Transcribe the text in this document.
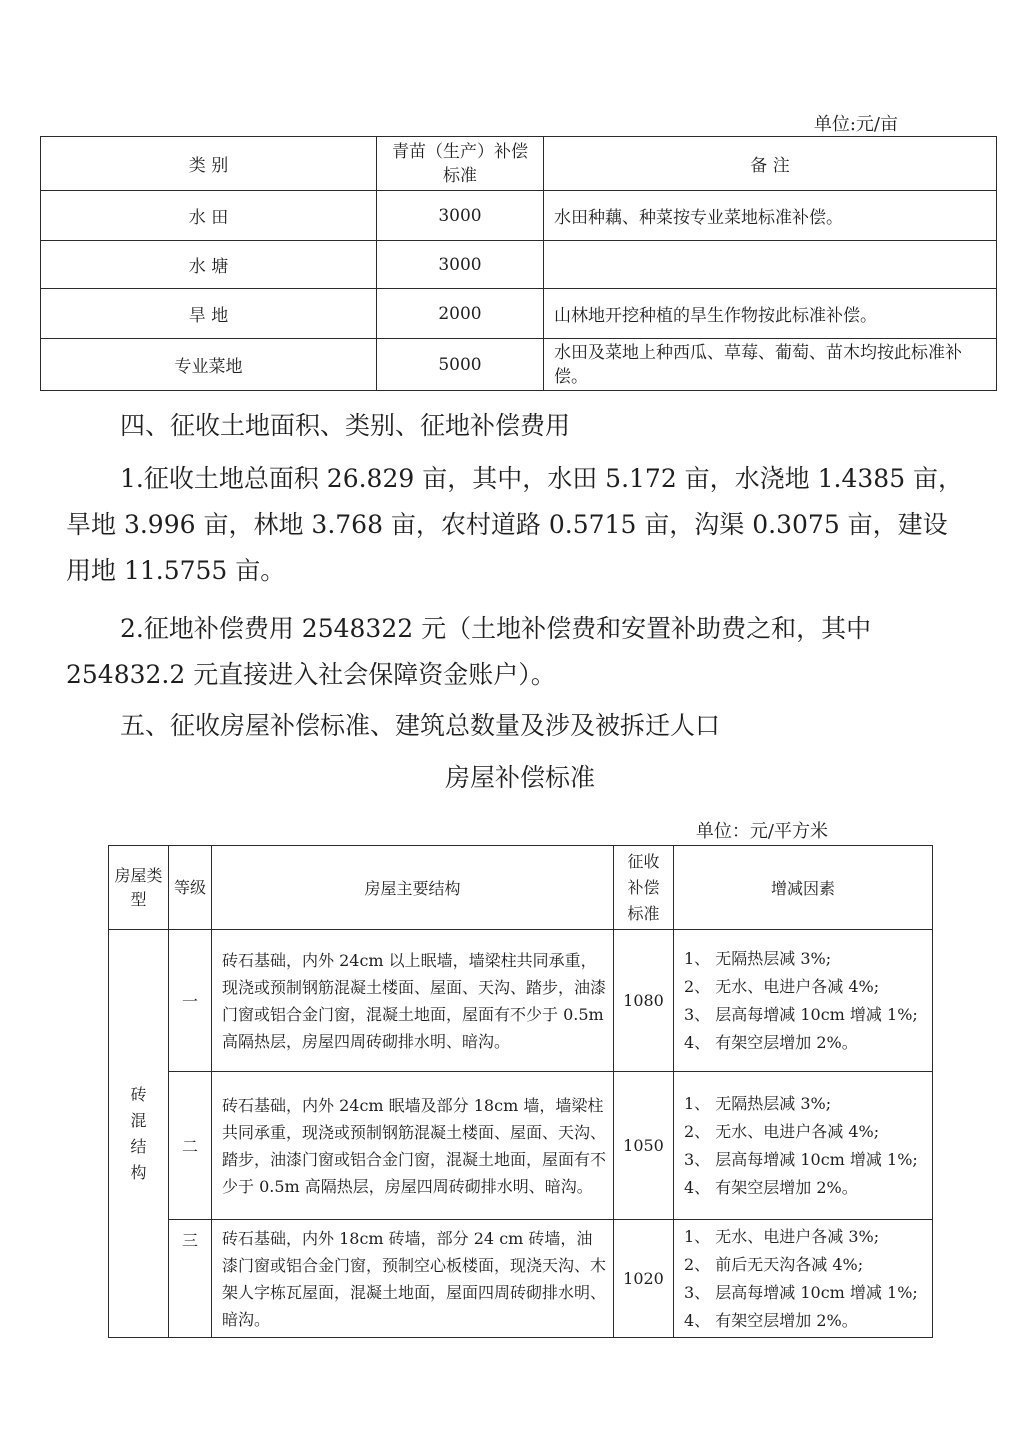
单位:元/亩
类 别	青苗（生产）补偿标准	备 注
水 田	3000	水田种藕、种菜按专业菜地标准补偿。
水 塘	3000	
旱 地	2000	山林地开挖种植的旱生作物按此标准补偿。
专业菜地	5000	水田及菜地上种西瓜、草莓、葡萄、苗木均按此标准补偿。
四、征收土地面积、类别、征地补偿费用
1.征收土地总面积 26.829 亩，其中，水田 5.172 亩，水浇地 1.4385 亩，旱地 3.996 亩，林地 3.768 亩，农村道路 0.5715 亩，沟渠 0.3075 亩，建设用地 11.5755 亩。
2.征地补偿费用 2548322 元（土地补偿费和安置补助费之和，其中 254832.2 元直接进入社会保障资金账户）。
五、征收房屋补偿标准、建筑总数量及涉及被拆迁人口
房屋补偿标准
单位：元/平方米
房屋类型	等级	房屋主要结构	征收补偿标准	增减因素
砖混结构	一	砖石基础，内外 24cm 以上眠墙，墙梁柱共同承重，现浇或预制钢筋混凝土楼面、屋面、天沟、踏步，油漆门窗或铝合金门窗，混凝土地面，屋面有不少于 0.5m 高隔热层，房屋四周砖砌排水明、暗沟。	1080	1、 无隔热层减 3%;
2、 无水、电进户各减 4%;
3、 层高每增减 10cm 增减 1%;
4、 有架空层增加 2%。

	二	砖石基础，内外 24cm 眠墙及部分 18cm 墙，墙梁柱共同承重，现浇或预制钢筋混凝土楼面、屋面、天沟、踏步，油漆门窗或铝合金门窗，混凝土地面，屋面有不少于 0.5m 高隔热层，房屋四周砖砌排水明、暗沟。	1050	1、 无隔热层减 3%;
2、 无水、电进户各减 4%;
3、 层高每增减 10cm 增减 1%;
4、 有架空层增加 2%。

	三	砖石基础，内外 18cm 砖墙，部分 24 cm 砖墙，油漆门窗或铝合金门窗，预制空心板楼面，现浇天沟、木架人字栋瓦屋面，混凝土地面，屋面四周砖砌排水明、暗沟。	1020	1、 无水、电进户各减 3%;
2、 前后无天沟各减 4%;
3、 层高每增减 10cm 增减 1%;
4、 有架空层增加 2%。
